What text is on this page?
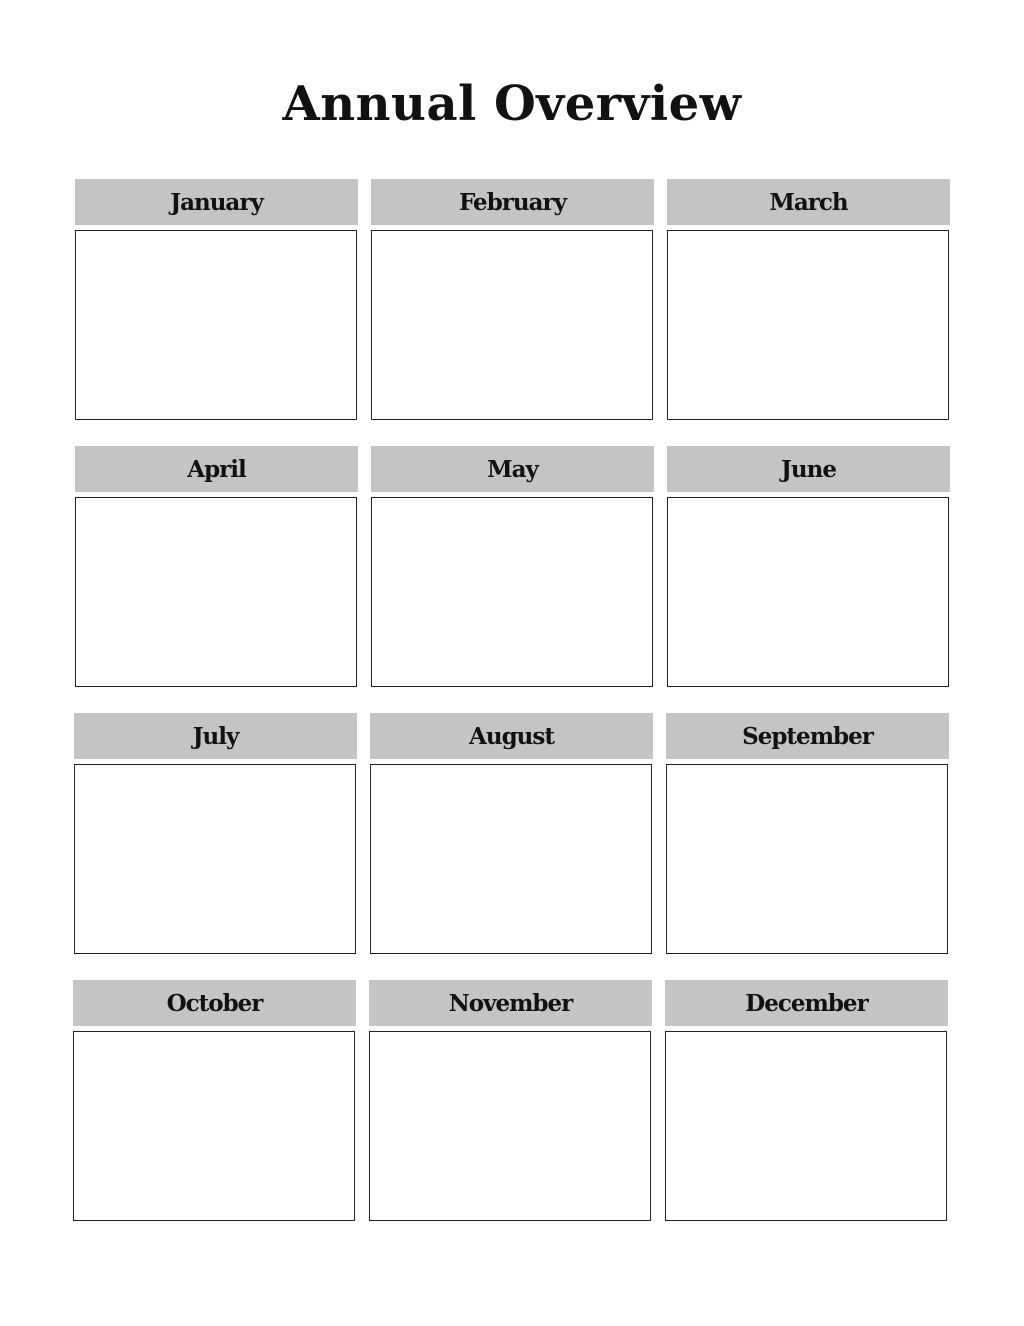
Annual Overview
January	February	March
April	May	June
July	August	September
October	November	December
